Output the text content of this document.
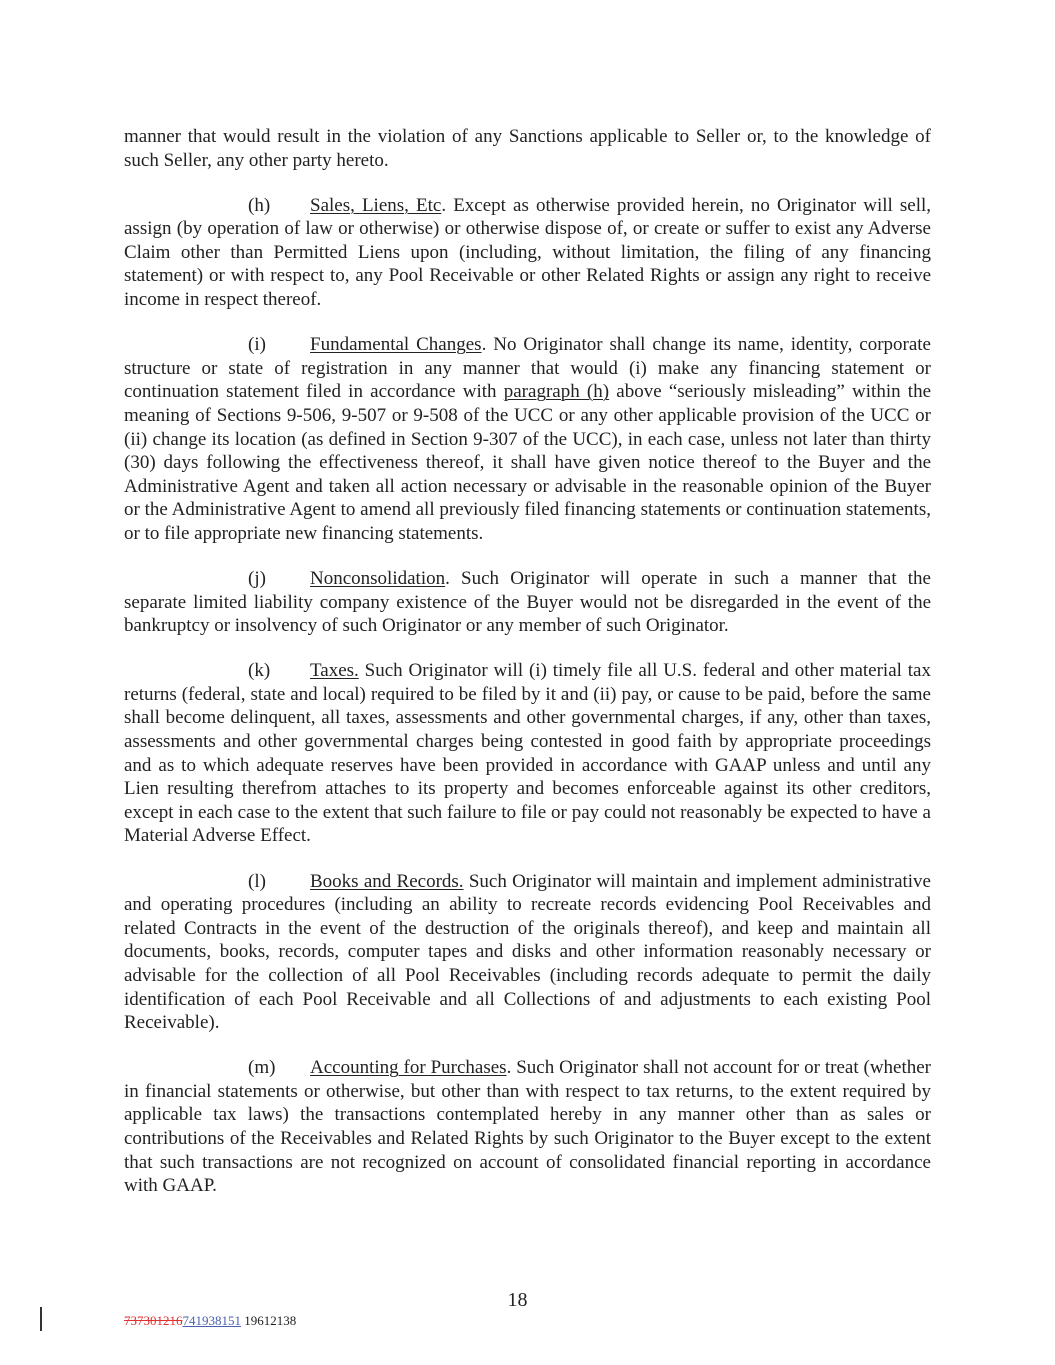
manner that would result in the violation of any Sanctions applicable to Seller or, to the knowledge of such Seller, any other party hereto.

(h) Sales, Liens, Etc. Except as otherwise provided herein, no Originator will sell, assign (by operation of law or otherwise) or otherwise dispose of, or create or suffer to exist any Adverse Claim other than Permitted Liens upon (including, without limitation, the filing of any financing statement) or with respect to, any Pool Receivable or other Related Rights or assign any right to receive income in respect thereof.

(i) Fundamental Changes. No Originator shall change its name, identity, corporate structure or state of registration in any manner that would (i) make any financing statement or continuation statement filed in accordance with paragraph (h) above “seriously misleading” within the meaning of Sections 9-506, 9-507 or 9-508 of the UCC or any other applicable provision of the UCC or (ii) change its location (as defined in Section 9-307 of the UCC), in each case, unless not later than thirty (30) days following the effectiveness thereof, it shall have given notice thereof to the Buyer and the Administrative Agent and taken all action necessary or advisable in the reasonable opinion of the Buyer or the Administrative Agent to amend all previously filed financing statements or continuation statements, or to file appropriate new financing statements.

(j) Nonconsolidation. Such Originator will operate in such a manner that the separate limited liability company existence of the Buyer would not be disregarded in the event of the bankruptcy or insolvency of such Originator or any member of such Originator.

(k) Taxes. Such Originator will (i) timely file all U.S. federal and other material tax returns (federal, state and local) required to be filed by it and (ii) pay, or cause to be paid, before the same shall become delinquent, all taxes, assessments and other governmental charges, if any, other than taxes, assessments and other governmental charges being contested in good faith by appropriate proceedings and as to which adequate reserves have been provided in accordance with GAAP unless and until any Lien resulting therefrom attaches to its property and becomes enforceable against its other creditors, except in each case to the extent that such failure to file or pay could not reasonably be expected to have a Material Adverse Effect.

(l) Books and Records. Such Originator will maintain and implement administrative and operating procedures (including an ability to recreate records evidencing Pool Receivables and related Contracts in the event of the destruction of the originals thereof), and keep and maintain all documents, books, records, computer tapes and disks and other information reasonably necessary or advisable for the collection of all Pool Receivables (including records adequate to permit the daily identification of each Pool Receivable and all Collections of and adjustments to each existing Pool Receivable).

(m) Accounting for Purchases. Such Originator shall not account for or treat (whether in financial statements or otherwise, but other than with respect to tax returns, to the extent required by applicable tax laws) the transactions contemplated hereby in any manner other than as sales or contributions of the Receivables and Related Rights by such Originator to the Buyer except to the extent that such transactions are not recognized on account of consolidated financial reporting in accordance with GAAP.

18
737301216741938151 19612138
